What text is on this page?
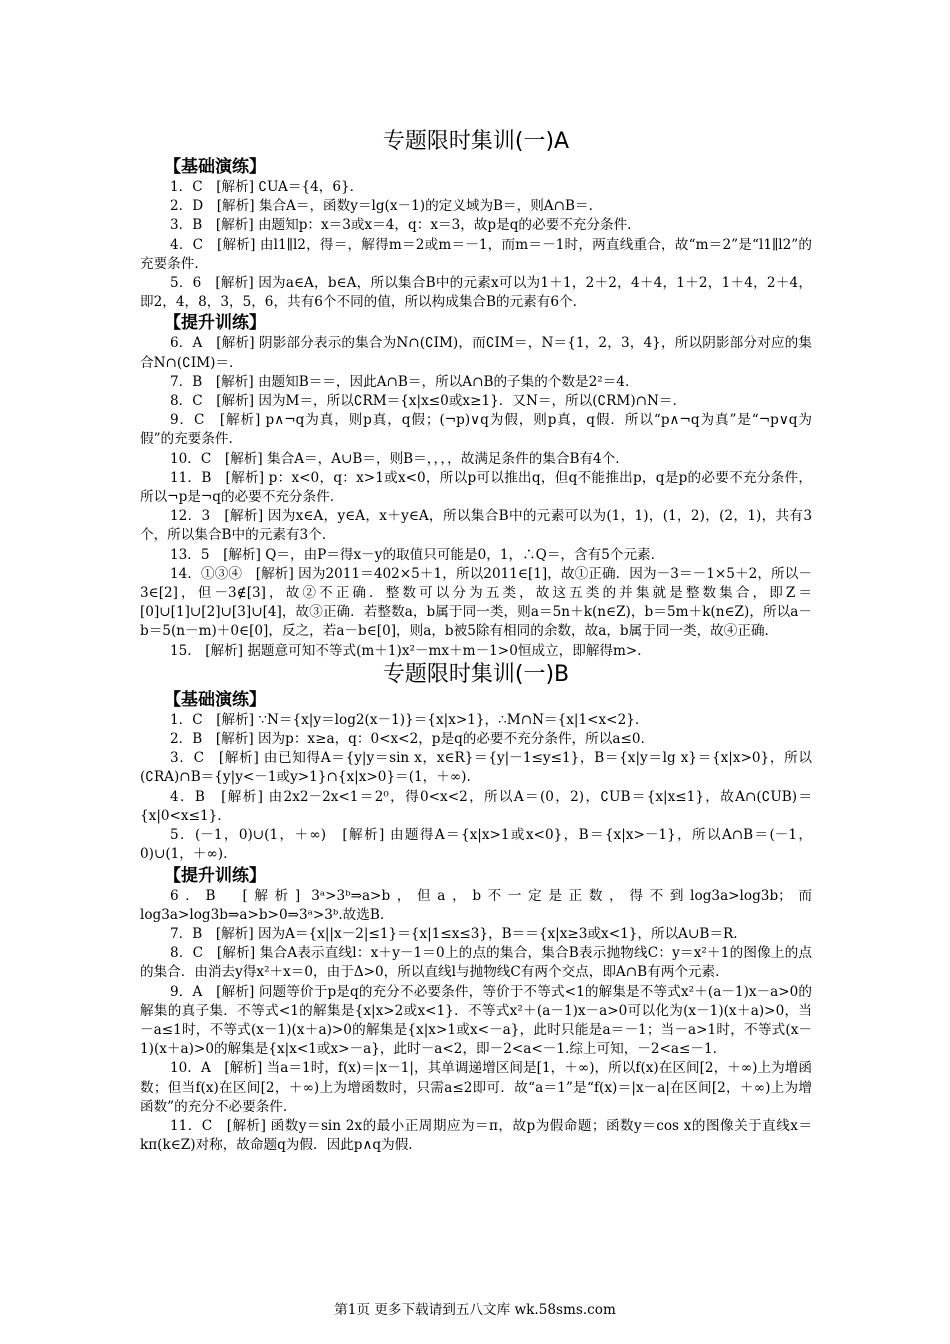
专题限时集训(一)A
【基础演练】

1．C　[解析] ∁UA＝{4，6}．

2．D　[解析] 集合A＝，函数y＝lg(x－1)的定义域为B＝，则A∩B＝.

3．B　[解析] 由题知p：x＝3或x＝4，q：x＝3，故p是q的必要不充分条件.

4．C　[解析] 由l1∥l2，得＝，解得m＝2或m＝－1，而m＝－1时，两直线重合，故“m＝2”是“l1∥l2”的充要条件.

5．6　[解析] 因为a∈A，b∈A，所以集合B中的元素x可以为1＋1，2＋2，4＋4，1＋2，1＋4，2＋4，即2，4，8，3，5，6，共有6个不同的值，所以构成集合B的元素有6个.

【提升训练】

6．A　[解析] 阴影部分表示的集合为N∩(∁IM)，而∁IM＝，N＝{1，2，3，4}，所以阴影部分对应的集合N∩(∁IM)＝.

7．B　[解析] 由题知B＝＝，因此A∩B＝，所以A∩B的子集的个数是2²＝4.

8．C　[解析] 因为M＝，所以∁RM＝{x|x≤0或x≥1}．又N＝，所以(∁RM)∩N＝.

9．C　[解析] p∧¬q为真，则p真，q假；(¬p)∨q为假，则p真，q假．所以“p∧¬q为真”是“¬p∨q为假”的充要条件.

10．C　[解析] 集合A＝，A∪B＝，则B＝，，，，故满足条件的集合B有4个.

11．B　[解析] p：x<0，q：x>1或x<0，所以p可以推出q，但q不能推出p，q是p的必要不充分条件，所以¬p是¬q的必要不充分条件.

12．3　[解析] 因为x∈A，y∈A，x＋y∈A，所以集合B中的元素可以为(1，1)，(1，2)，(2，1)，共有3个，所以集合B中的元素有3个.

13．5　[解析] Q＝，由P＝得x－y的取值只可能是0，1，∴Q＝，含有5个元素.

14．①③④　[解析] 因为2011＝402×5＋1，所以2011∈[1]，故①正确．因为－3＝－1×5＋2，所以－3∈[2]，但－3∉[3]，故②不正确．整数可以分为五类，故这五类的并集就是整数集合，即Z＝[0]∪[1]∪[2]∪[3]∪[4]，故③正确．若整数a，b属于同一类，则a＝5n＋k(n∈Z)，b＝5m＋k(n∈Z)，所以a－b＝5(n－m)＋0∈[0]，反之，若a－b∈[0]，则a，b被5除有相同的余数，故a，b属于同一类，故④正确.

15.　[解析] 据题意可知不等式(m＋1)x²－mx＋m－1>0恒成立，即解得m>．

专题限时集训(一)B
【基础演练】

1．C　[解析] ∵N＝{x|y＝log2(x－1)}＝{x|x>1}，∴M∩N＝{x|1<x<2}.

2．B　[解析] 因为p：x≥a，q：0<x<2，p是q的必要不充分条件，所以a≤0.

3．C　[解析] 由已知得A＝{y|y＝sin x，x∈R}＝{y|－1≤y≤1}，B＝{x|y＝lg x}＝{x|x>0}，所以(∁RA)∩B＝{y|y<－1或y>1}∩{x|x>0}＝(1，＋∞).

4．B　[解析] 由2x2－2x<1＝2⁰，得0<x<2，所以A＝(0，2)，∁UB＝{x|x≤1}，故A∩(∁UB)＝{x|0<x≤1}.

5．(－1，0)∪(1，＋∞)　[解析] 由题得A＝{x|x>1或x<0}，B＝{x|x>－1}，所以A∩B＝(－1，0)∪(1，＋∞).

【提升训练】

6．B　[解析] 3ᵃ>3ᵇ⇒a>b，但a，b不一定是正数，得不到log3a>log3b；而log3a>log3b⇒a>b>0⇒3ᵃ>3ᵇ.故选B.

7．B　[解析] 因为A＝{x||x－2|≤1}＝{x|1≤x≤3}，B＝＝{x|x≥3或x<1}，所以A∪B＝R.

8．C　[解析] 集合A表示直线l：x＋y－1＝0上的点的集合，集合B表示抛物线C：y＝x²＋1的图像上的点的集合．由消去y得x²＋x＝0，由于Δ>0，所以直线l与抛物线C有两个交点，即A∩B有两个元素.

9．A　[解析] 问题等价于p是q的充分不必要条件，等价于不等式<1的解集是不等式x²＋(a－1)x－a>0的解集的真子集．不等式<1的解集是{x|x>2或x<1}．不等式x²＋(a－1)x－a>0可以化为(x－1)(x＋a)>0，当－a≤1时，不等式(x－1)(x＋a)>0的解集是{x|x>1或x<－a}，此时只能是a＝－1；当－a>1时，不等式(x－1)(x＋a)>0的解集是{x|x<1或x>－a}，此时－a<2，即－2<a<－1.综上可知，－2<a≤－1.

10．A　[解析] 当a＝1时，f(x)＝|x－1|，其单调递增区间是[1，＋∞)，所以f(x)在区间[2，＋∞)上为增函数；但当f(x)在区间[2，＋∞)上为增函数时，只需a≤2即可．故“a＝1”是“f(x)＝|x－a|在区间[2，＋∞)上为增函数”的充分不必要条件.

11．C　[解析] 函数y＝sin 2x的最小正周期应为＝π，故p为假命题；函数y＝cos x的图像关于直线x＝kπ(k∈Z)对称，故命题q为假．因此p∧q为假.

第1页 更多下载请到五八文库 wk.58sms.com
